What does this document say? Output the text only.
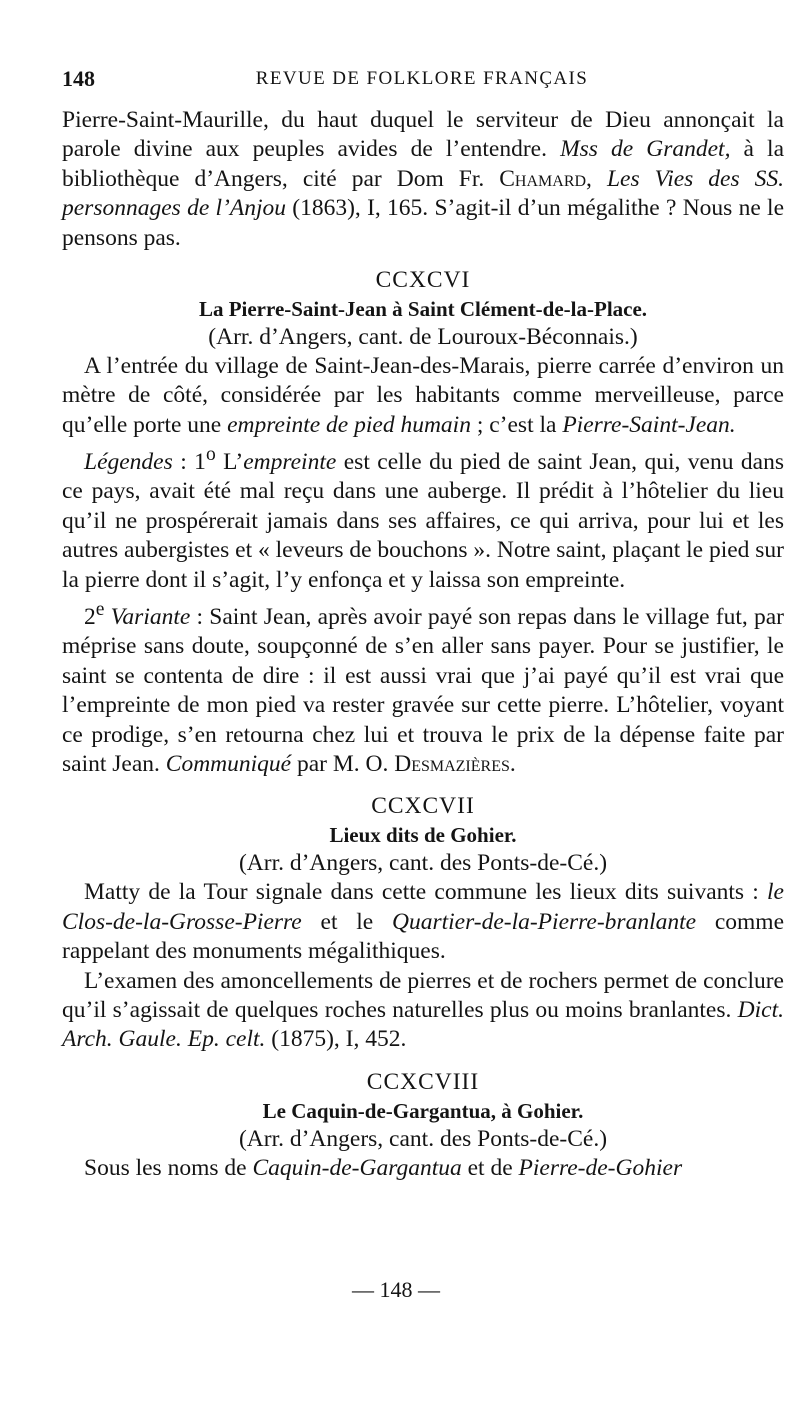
148	REVUE DE FOLKLORE FRANÇAIS

Pierre-Saint-Maurille, du haut duquel le serviteur de Dieu annonçait la parole divine aux peuples avides de l’entendre. Mss de Grandet, à la bibliothèque d’Angers, cité par Dom Fr. Chamard, Les Vies des SS. personnages de l’Anjou (1863), I, 165. S’agit-il d’un mégalithe ? Nous ne le pensons pas.

CCXCVI
La Pierre-Saint-Jean à Saint Clément-de-la-Place.
(Arr. d’Angers, cant. de Louroux-Béconnais.)

A l’entrée du village de Saint-Jean-des-Marais, pierre carrée d’environ un mètre de côté, considérée par les habitants comme merveilleuse, parce qu’elle porte une empreinte de pied humain ; c’est la Pierre-Saint-Jean.

Légendes : 1$^o$ L’empreinte est celle du pied de saint Jean, qui, venu dans ce pays, avait été mal reçu dans une auberge. Il prédit à l’hôtelier du lieu qu’il ne prospérerait jamais dans ses affaires, ce qui arriva, pour lui et les autres aubergistes et « leveurs de bouchons ». Notre saint, plaçant le pied sur la pierre dont il s’agit, l’y enfonça et y laissa son empreinte.

2e Variante : Saint Jean, après avoir payé son repas dans le village fut, par méprise sans doute, soupçonné de s’en aller sans payer. Pour se justifier, le saint se contenta de dire : il est aussi vrai que j’ai payé qu’il est vrai que l’empreinte de mon pied va rester gravée sur cette pierre. L’hôtelier, voyant ce prodige, s’en retourna chez lui et trouva le prix de la dépense faite par saint Jean. Communiqué par M. O. Desmazières.

CCXCVII
Lieux dits de Gohier.
(Arr. d’Angers, cant. des Ponts-de-Cé.)

Matty de la Tour signale dans cette commune les lieux dits suivants : le Clos-de-la-Grosse-Pierre et le Quartier-de-la-Pierre-branlante comme rappelant des monuments mégalithiques.

L’examen des amoncellements de pierres et de rochers permet de conclure qu’il s’agissait de quelques roches naturelles plus ou moins branlantes. Dict. Arch. Gaule. Ep. celt. (1875), I, 452.

CCXCVIII
Le Caquin-de-Gargantua, à Gohier.
(Arr. d’Angers, cant. des Ponts-de-Cé.)

Sous les noms de Caquin-de-Gargantua et de Pierre-de-Gohier

— 148 —
